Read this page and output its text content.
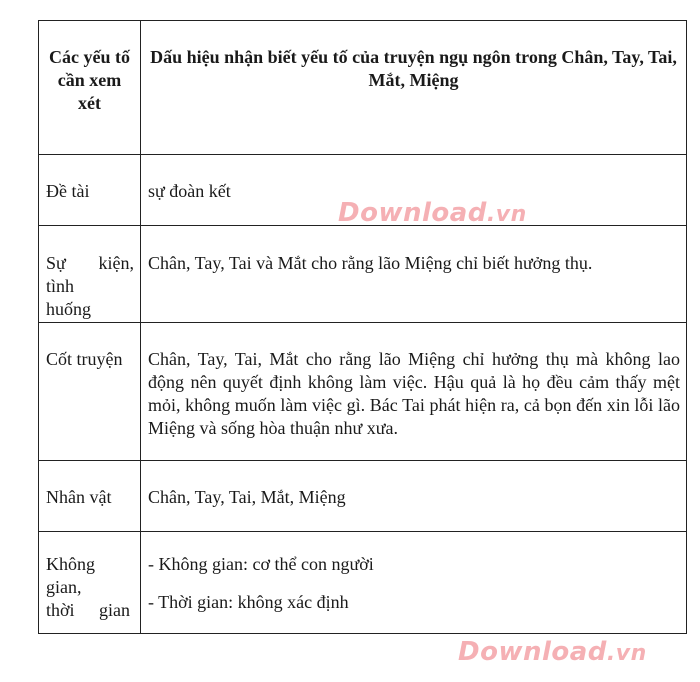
Các yếu tố cần xem xét	Dấu hiệu nhận biết yếu tố của truyện ngụ ngôn trong Chân, Tay, Tai, Mắt, Miệng

Đề tài	sự đoàn kết

Sự kiện, tình huống	Chân, Tay, Tai và Mắt cho rằng lão Miệng chỉ biết hưởng thụ.

Cốt truyện	Chân, Tay, Tai, Mắt cho rằng lão Miệng chỉ hưởng thụ mà không lao động nên quyết định không làm việc. Hậu quả là họ đều cảm thấy mệt mỏi, không muốn làm việc gì. Bác Tai phát hiện ra, cả bọn đến xin lỗi lão Miệng và sống hòa thuận như xưa.

Nhân vật	Chân, Tay, Tai, Mắt, Miệng

Không gian, thời gian	- Không gian: cơ thể con người
- Thời gian: không xác định
Download.vn
Download.vn
